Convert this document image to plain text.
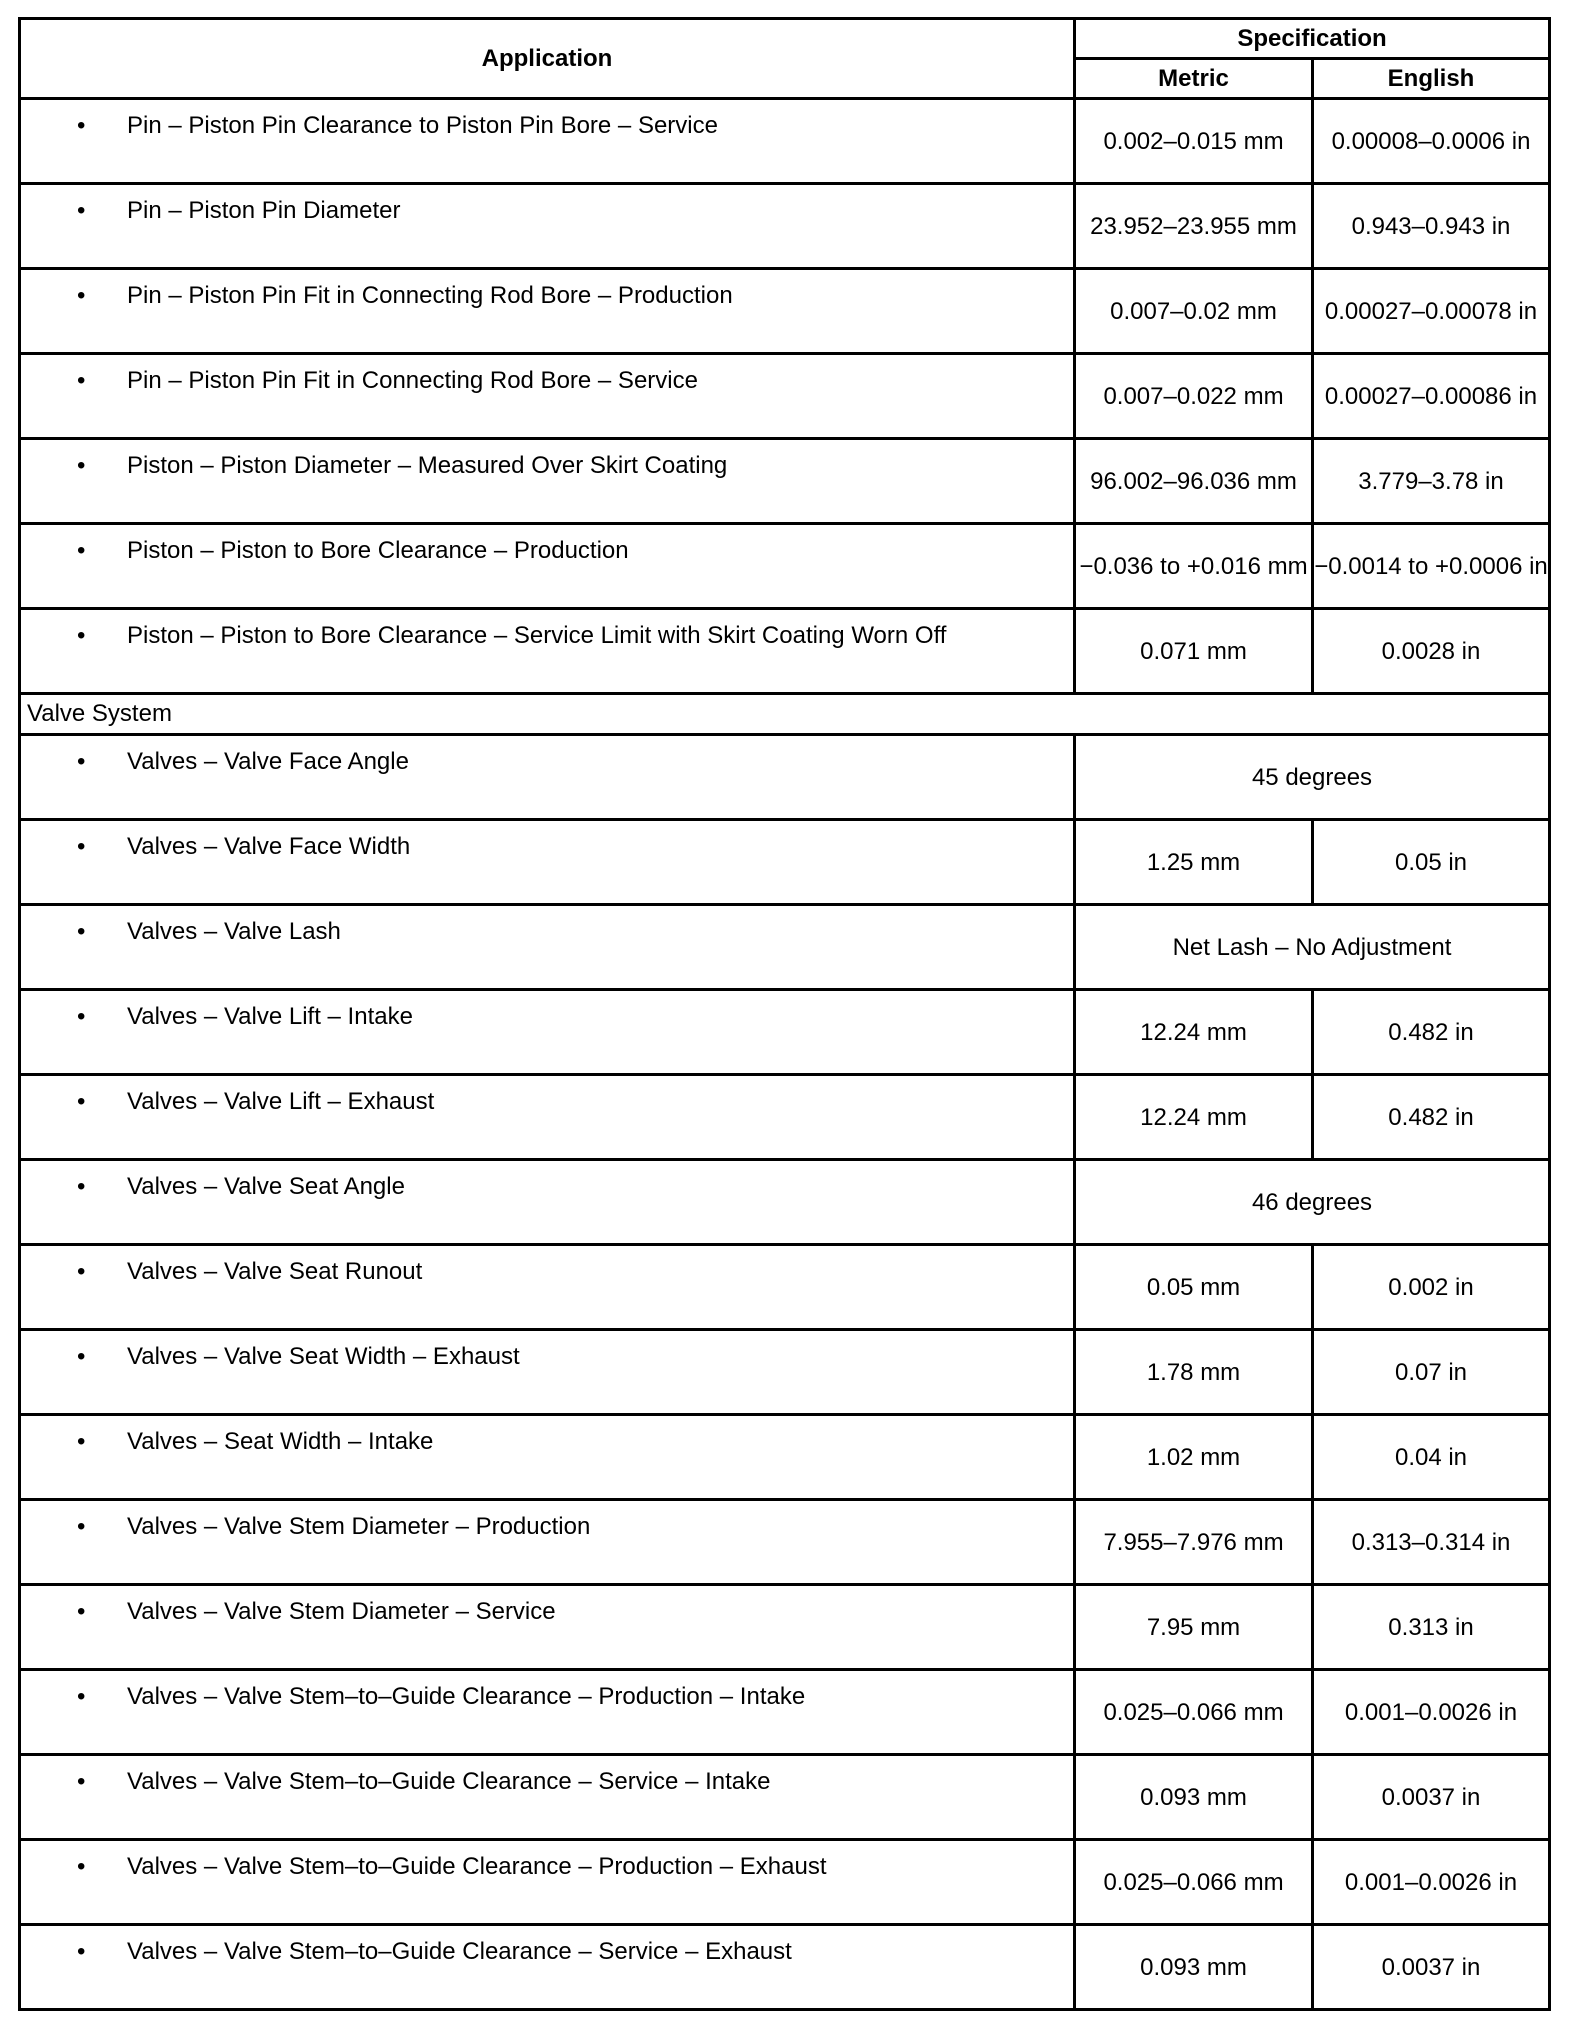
Application	Specification	
	Metric	English

• Pin – Piston Pin Clearance to Piston Pin Bore – Service	0.002–0.015 mm	0.00008–0.0006 in

• Pin – Piston Pin Diameter	23.952–23.955 mm	0.943–0.943 in

• Pin – Piston Pin Fit in Connecting Rod Bore – Production	0.007–0.02 mm	0.00027–0.00078 in

• Pin – Piston Pin Fit in Connecting Rod Bore – Service	0.007–0.022 mm	0.00027–0.00086 in

• Piston – Piston Diameter – Measured Over Skirt Coating	96.002–96.036 mm	3.779–3.78 in

• Piston – Piston to Bore Clearance – Production	−0.036 to +0.016 mm	−0.0014 to +0.0006 in

• Piston – Piston to Bore Clearance – Service Limit with Skirt Coating Worn Off	0.071 mm	0.0028 in
Valve System		

• Valves – Valve Face Angle	45 degrees	

• Valves – Valve Face Width	1.25 mm	0.05 in

• Valves – Valve Lash	Net Lash – No Adjustment	

• Valves – Valve Lift – Intake	12.24 mm	0.482 in

• Valves – Valve Lift – Exhaust	12.24 mm	0.482 in

• Valves – Valve Seat Angle	46 degrees	

• Valves – Valve Seat Runout	0.05 mm	0.002 in

• Valves – Valve Seat Width – Exhaust	1.78 mm	0.07 in

• Valves – Seat Width – Intake	1.02 mm	0.04 in

• Valves – Valve Stem Diameter – Production	7.955–7.976 mm	0.313–0.314 in

• Valves – Valve Stem Diameter – Service	7.95 mm	0.313 in

• Valves – Valve Stem–to–Guide Clearance – Production – Intake	0.025–0.066 mm	0.001–0.0026 in

• Valves – Valve Stem–to–Guide Clearance – Service – Intake	0.093 mm	0.0037 in

• Valves – Valve Stem–to–Guide Clearance – Production – Exhaust	0.025–0.066 mm	0.001–0.0026 in

• Valves – Valve Stem–to–Guide Clearance – Service – Exhaust	0.093 mm	0.0037 in
